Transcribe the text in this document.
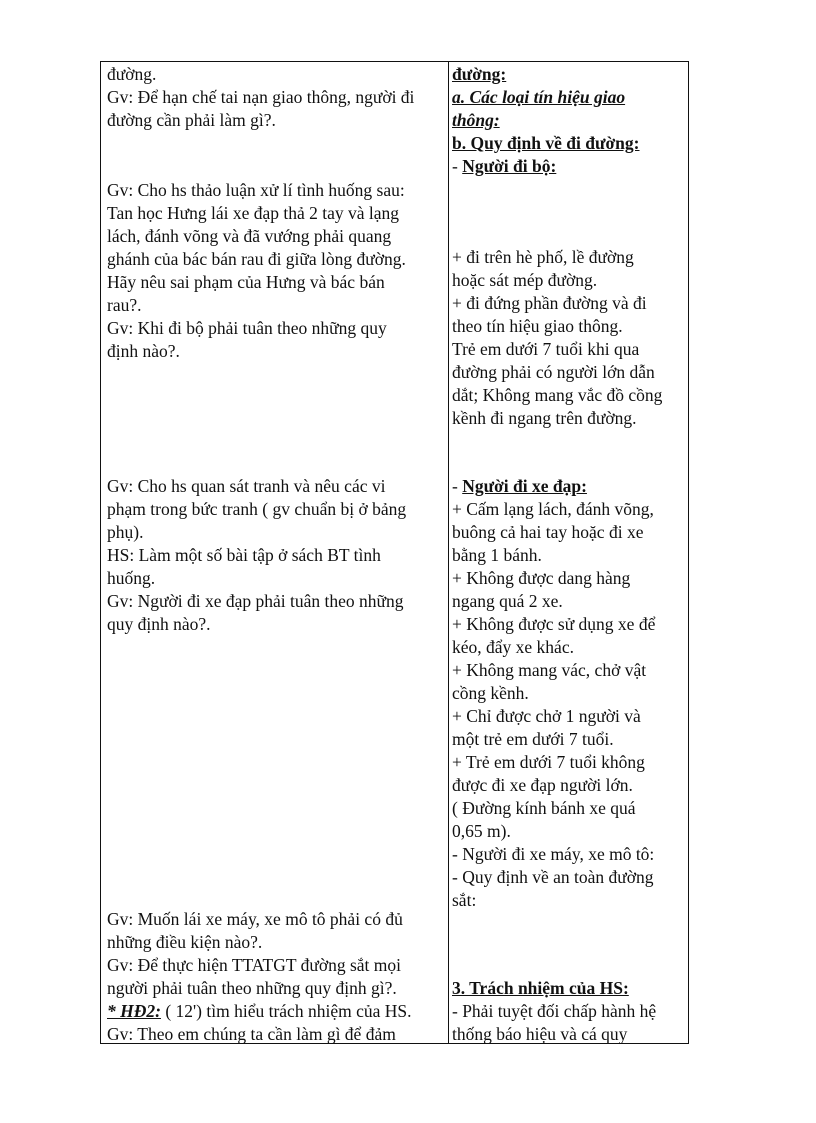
đường.
Gv: Để hạn chế tai nạn giao thông, người đi
đường cần phải làm gì?.
Gv: Cho hs thảo luận xử lí tình huống sau:
Tan học Hưng lái xe đạp thả 2 tay và lạng
lách, đánh võng và đã vướng phải quang
ghánh của bác bán rau đi giữa lòng đường.
Hãy nêu sai phạm của Hưng và bác bán
rau?.
Gv: Khi đi bộ phải tuân theo những quy
định nào?.
Gv: Cho hs quan sát tranh và nêu các vi
phạm trong bức tranh ( gv chuẩn bị ở bảng
phụ).
HS: Làm một số bài tập ở sách BT tình
huống.
Gv: Người đi xe đạp phải tuân theo những
quy định nào?.
Gv: Muốn lái xe máy, xe mô tô phải có đủ
những điều kiện nào?.
Gv: Để thực hiện TTATGT đường sắt mọi
người phải tuân theo những quy định gì?.
* HĐ2: ( 12') tìm hiểu trách nhiệm của HS.
Gv: Theo em chúng ta cần làm gì để đảm
đường:
a. Các loại tín hiệu giao
thông:
b. Quy định về đi đường:
- Người đi bộ:
+ đi trên hè phố, lề đường
hoặc sát mép đường.
+ đi đứng phần đường và đi
theo tín hiệu giao thông.
Trẻ em dưới 7 tuổi khi qua
đường phải có người lớn dẫn
dắt; Không mang vắc đồ cồng
kềnh đi ngang trên đường.
- Người đi xe đạp:
+ Cấm lạng lách, đánh võng,
buông cả hai tay hoặc đi xe
bằng 1 bánh.
+ Không được dang hàng
ngang quá 2 xe.
+ Không được sử dụng xe để
kéo, đẩy xe khác.
+ Không mang vác, chở vật
cồng kềnh.
+ Chỉ được chở 1 người và
một trẻ em dưới 7 tuổi.
+ Trẻ em dưới 7 tuổi không
được đi xe đạp người lớn.
( Đường kính bánh xe quá
0,65 m).
- Người đi xe máy, xe mô tô:
- Quy định về an toàn đường
sắt:
3. Trách nhiệm của HS:
- Phải tuyệt đối chấp hành hệ
thống báo hiệu và cá quy
